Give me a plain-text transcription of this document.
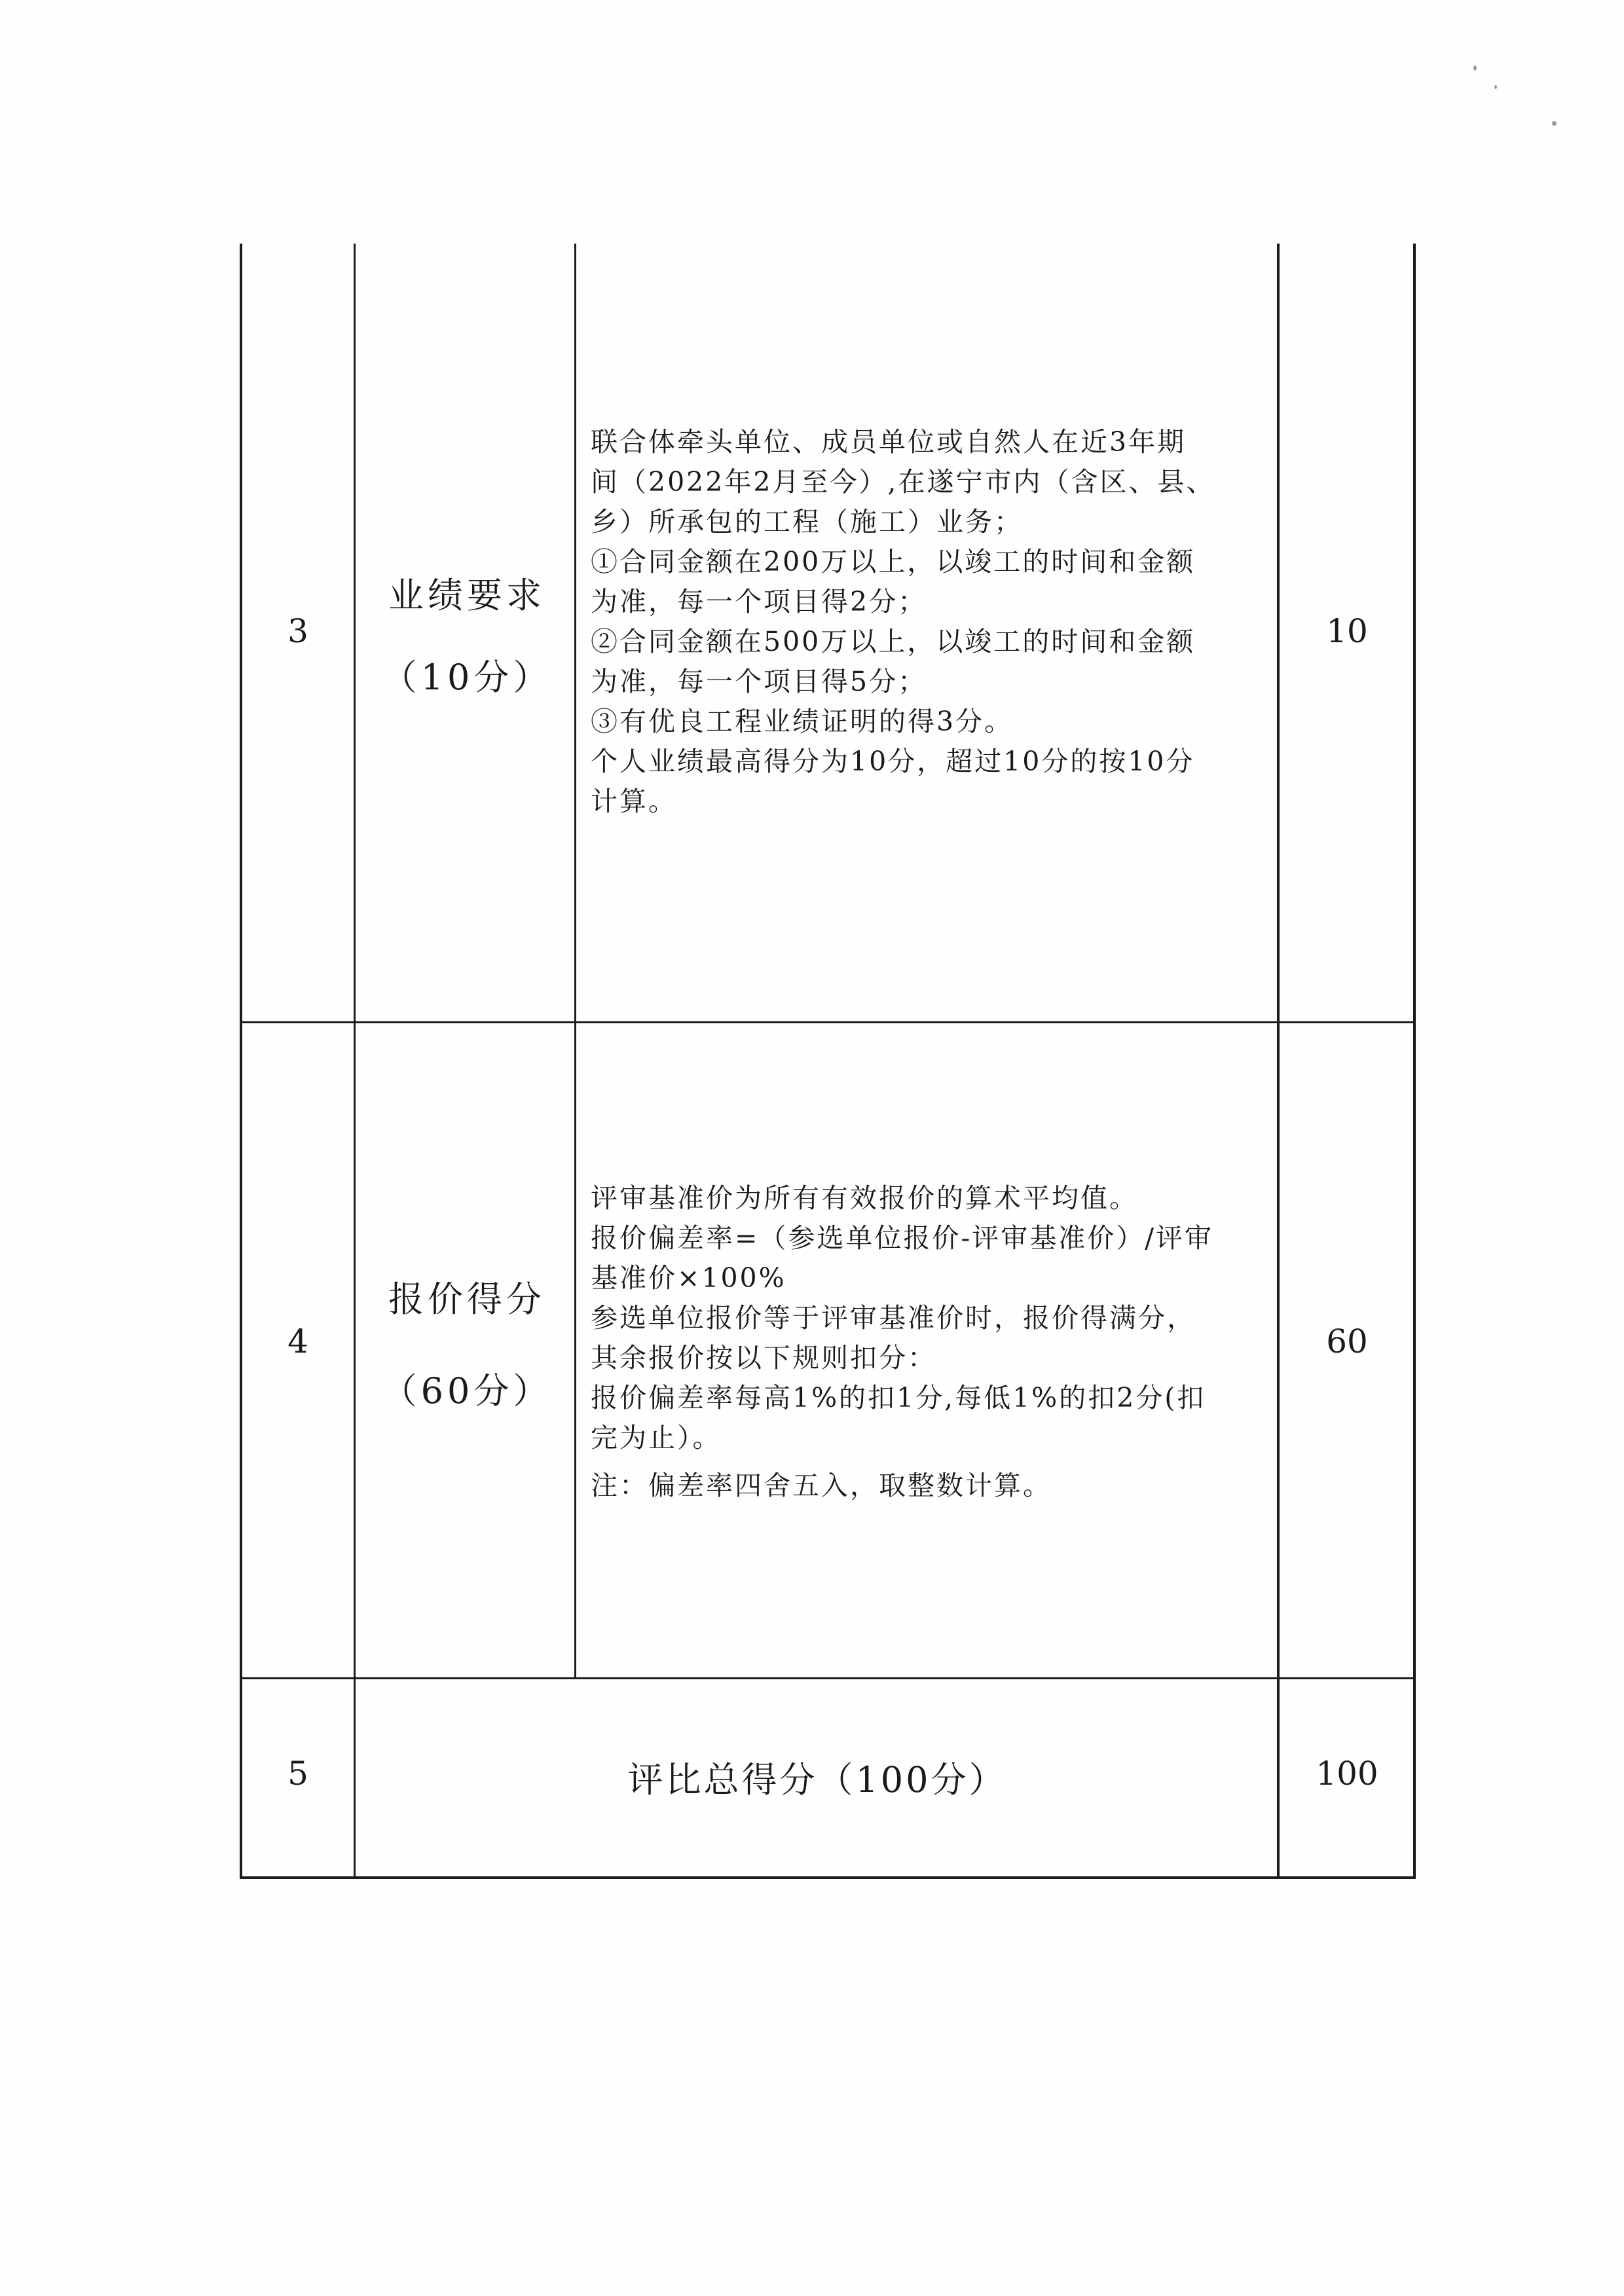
3
业绩要求
（10分）
联合体牵头单位、成员单位或自然人在近3年期
间（2022年2月至今）,在遂宁市内（含区、县、
乡）所承包的工程（施工）业务；
①合同金额在200万以上，以竣工的时间和金额
为准，每一个项目得2分；
②合同金额在500万以上，以竣工的时间和金额
为准，每一个项目得5分；
③有优良工程业绩证明的得3分。
个人业绩最高得分为10分，超过10分的按10分
计算。
10
4
报价得分
（60分）
评审基准价为所有有效报价的算术平均值。
报价偏差率=（参选单位报价-评审基准价）/评审
基准价×100%
参选单位报价等于评审基准价时，报价得满分，
其余报价按以下规则扣分：
报价偏差率每高1%的扣1分,每低1%的扣2分(扣
完为止）。
注：偏差率四舍五入，取整数计算。
60
5	评比总得分（100分）	100
